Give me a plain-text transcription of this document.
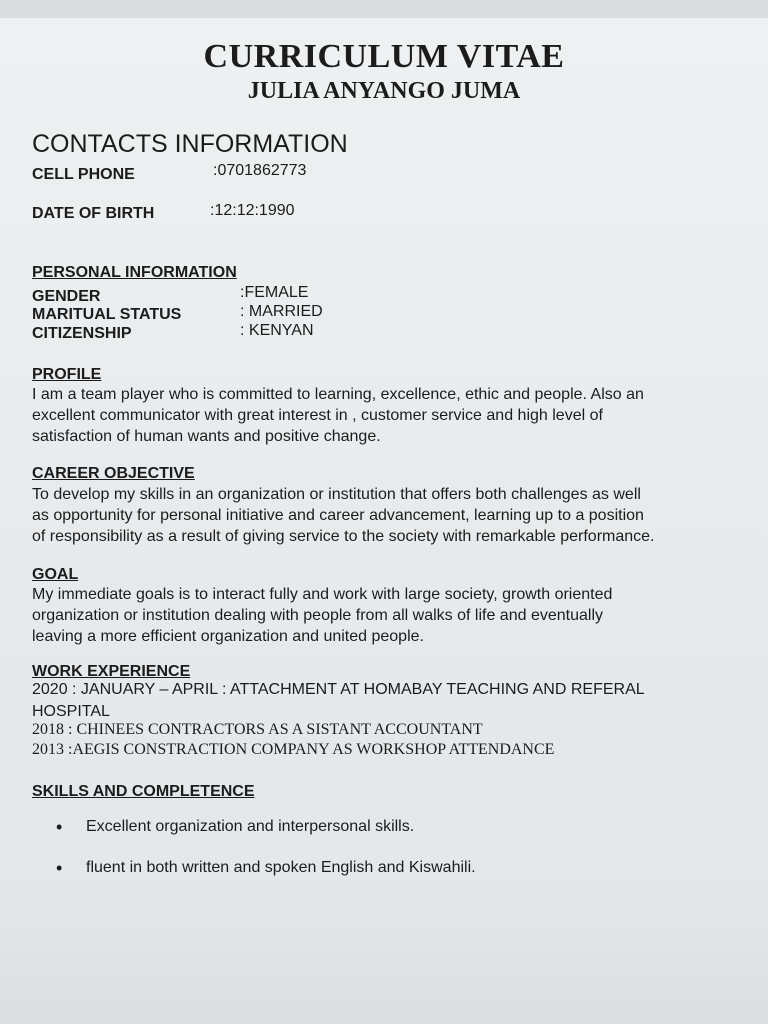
CURRICULUM VITAE
JULIA ANYANGO JUMA
CONTACTS INFORMATION
CELL PHONE	:0701862773
DATE OF BIRTH	:12:12:1990
PERSONAL INFORMATION
GENDER	:FEMALE
MARITUAL STATUS	: MARRIED
CITIZENSHIP	: KENYAN
PROFILE
I am a team player who is committed to learning, excellence, ethic and people. Also an
excellent communicator with great interest in , customer service and high level of
satisfaction of human wants and positive change.
CAREER OBJECTIVE
To develop my skills in an organization or institution that offers both challenges as well
as opportunity for personal initiative and career advancement, learning up to a position
of responsibility as a result of giving service to the society with remarkable performance.
GOAL
My immediate goals is to interact fully and work with large society, growth oriented
organization or institution dealing with people from all walks of life and eventually
leaving a more efficient organization and united people.
WORK EXPERIENCE
2020 : JANUARY – APRIL : ATTACHMENT AT HOMABAY TEACHING AND REFERAL
HOSPITAL
2018 : CHINEES CONTRACTORS AS A SISTANT ACCOUNTANT
2013 :AEGIS CONSTRACTION COMPANY AS WORKSHOP ATTENDANCE
SKILLS AND COMPLETENCE
• Excellent organization and interpersonal skills.
• fluent in both written and spoken English and Kiswahili.
